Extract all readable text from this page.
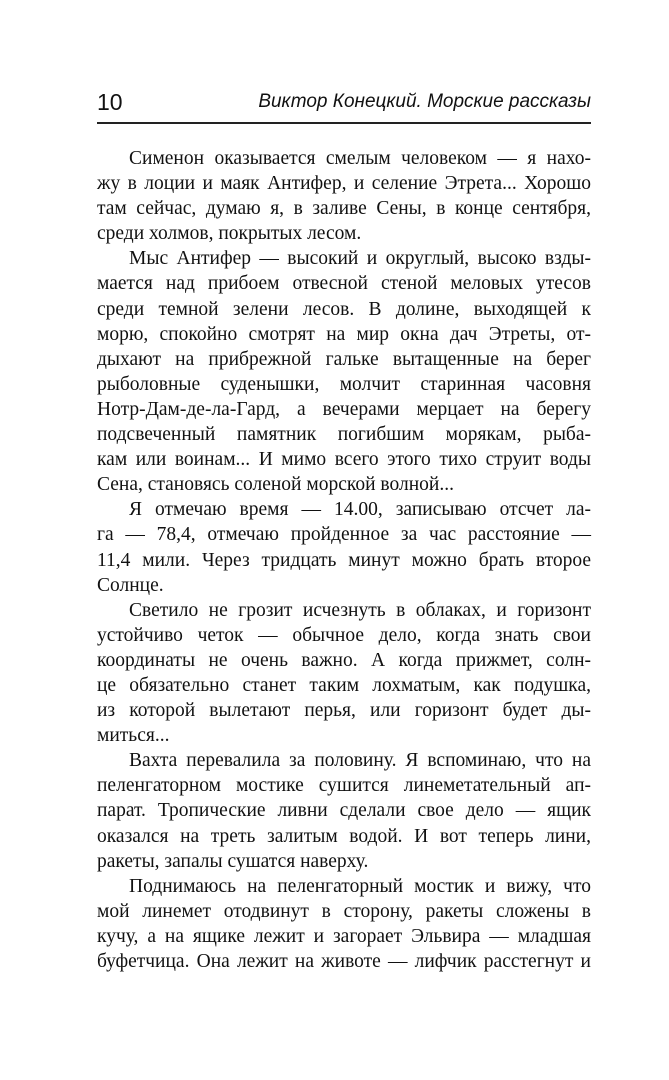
10	Виктор Конецкий. Морские рассказы
Сименон оказывается смелым человеком — я нахо-
жу в лоции и маяк Антифер, и селение Этрета... Хорошо
там сейчас, думаю я, в заливе Сены, в конце сентября,
среди холмов, покрытых лесом.
Мыс Антифер — высокий и округлый, высоко взды-
мается над прибоем отвесной стеной меловых утесов
среди темной зелени лесов. В долине, выходящей к
морю, спокойно смотрят на мир окна дач Этреты, от-
дыхают на прибрежной гальке вытащенные на берег
рыболовные суденышки, молчит старинная часовня
Нотр-Дам-де-ла-Гард, а вечерами мерцает на берегу
подсвеченный памятник погибшим морякам, рыба-
кам или воинам... И мимо всего этого тихо струит воды
Сена, становясь соленой морской волной...
Я отмечаю время — 14.00, записываю отсчет ла-
га — 78,4, отмечаю пройденное за час расстояние —
11,4 мили. Через тридцать минут можно брать второе
Солнце.
Светило не грозит исчезнуть в облаках, и горизонт
устойчиво четок — обычное дело, когда знать свои
координаты не очень важно. А когда прижмет, солн-
це обязательно станет таким лохматым, как подушка,
из которой вылетают перья, или горизонт будет ды-
миться...
Вахта перевалила за половину. Я вспоминаю, что на
пеленгаторном мостике сушится линеметательный ап-
парат. Тропические ливни сделали свое дело — ящик
оказался на треть залитым водой. И вот теперь лини,
ракеты, запалы сушатся наверху.
Поднимаюсь на пеленгаторный мостик и вижу, что
мой линемет отодвинут в сторону, ракеты сложены в
кучу, а на ящике лежит и загорает Эльвира — младшая
буфетчица. Она лежит на животе — лифчик расстегнут и
